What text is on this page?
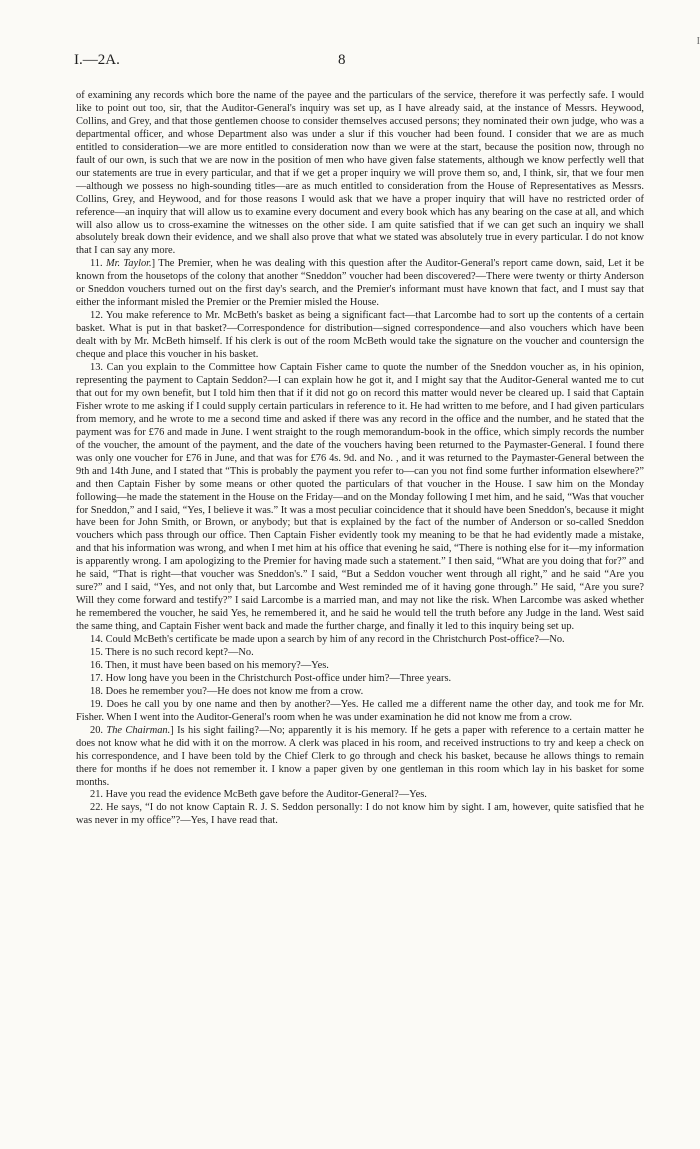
I.—2A.	8
I

of examining any records which bore the name of the payee and the particulars of the service, therefore it was perfectly safe. I would like to point out too, sir, that the Auditor-General's inquiry was set up, as I have already said, at the instance of Messrs. Heywood, Collins, and Grey, and that those gentlemen choose to consider themselves accused persons; they nominated their own judge, who was a departmental officer, and whose Department also was under a slur if this voucher had been found. I consider that we are as much entitled to consideration—we are more entitled to consideration now than we were at the start, because the position now, through no fault of our own, is such that we are now in the position of men who have given false statements, although we know perfectly well that our statements are true in every particular, and that if we get a proper inquiry we will prove them so, and, I think, sir, that we four men—although we possess no high-sounding titles—are as much entitled to consideration from the House of Representatives as Messrs. Collins, Grey, and Heywood, and for those reasons I would ask that we have a proper inquiry that will have no restricted order of reference—an inquiry that will allow us to examine every document and every book which has any bearing on the case at all, and which will also allow us to cross-examine the witnesses on the other side. I am quite satisfied that if we can get such an inquiry we shall absolutely break down their evidence, and we shall also prove that what we stated was absolutely true in every particular. I do not know that I can say any more.

11. Mr. Taylor.] The Premier, when he was dealing with this question after the Auditor-General's report came down, said, Let it be known from the housetops of the colony that another “Sneddon” voucher had been discovered?—There were twenty or thirty Anderson or Sneddon vouchers turned out on the first day's search, and the Premier's informant must have known that fact, and I must say that either the informant misled the Premier or the Premier misled the House.

12. You make reference to Mr. McBeth's basket as being a significant fact—that Larcombe had to sort up the contents of a certain basket. What is put in that basket?—Correspondence for distribution—signed correspondence—and also vouchers which have been dealt with by Mr. McBeth himself. If his clerk is out of the room McBeth would take the signature on the voucher and countersign the cheque and place this voucher in his basket.

13. Can you explain to the Committee how Captain Fisher came to quote the number of the Sneddon voucher as, in his opinion, representing the payment to Captain Seddon?—I can explain how he got it, and I might say that the Auditor-General wanted me to cut that out for my own benefit, but I told him then that if it did not go on record this matter would never be cleared up. I said that Captain Fisher wrote to me asking if I could supply certain particulars in reference to it. He had written to me before, and I had given particulars from memory, and he wrote to me a second time and asked if there was any record in the office and the number, and he stated that the payment was for £76 and made in June. I went straight to the rough memorandum-book in the office, which simply records the number of the voucher, the amount of the payment, and the date of the vouchers having been returned to the Paymaster-General. I found there was only one voucher for £76 in June, and that was for £76 4s. 9d. and No. , and it was returned to the Paymaster-General between the 9th and 14th June, and I stated that “This is probably the payment you refer to—can you not find some further information elsewhere?” and then Captain Fisher by some means or other quoted the particulars of that voucher in the House. I saw him on the Monday following—he made the statement in the House on the Friday—and on the Monday following I met him, and he said, “Was that voucher for Sneddon,” and I said, “Yes, I believe it was.” It was a most peculiar coincidence that it should have been Sneddon's, because it might have been for John Smith, or Brown, or anybody; but that is explained by the fact of the number of Anderson or so-called Sneddon vouchers which pass through our office. Then Captain Fisher evidently took my meaning to be that he had evidently made a mistake, and that his information was wrong, and when I met him at his office that evening he said, “There is nothing else for it—my information is apparently wrong. I am apologizing to the Premier for having made such a statement.” I then said, “What are you doing that for?” and he said, “That is right—that voucher was Sneddon's.” I said, “But a Seddon voucher went through all right,” and he said “Are you sure?” and I said, “Yes, and not only that, but Larcombe and West reminded me of it having gone through.” He said, “Are you sure? Will they come forward and testify?” I said Larcombe is a married man, and may not like the risk. When Larcombe was asked whether he remembered the voucher, he said Yes, he remembered it, and he said he would tell the truth before any Judge in the land. West said the same thing, and Captain Fisher went back and made the further charge, and finally it led to this inquiry being set up.

14. Could McBeth's certificate be made upon a search by him of any record in the Christchurch Post-office?—No.

15. There is no such record kept?—No.

16. Then, it must have been based on his memory?—Yes.

17. How long have you been in the Christchurch Post-office under him?—Three years.

18. Does he remember you?—He does not know me from a crow.

19. Does he call you by one name and then by another?—Yes. He called me a different name the other day, and took me for Mr. Fisher. When I went into the Auditor-General's room when he was under examination he did not know me from a crow.

20. The Chairman.] Is his sight failing?—No; apparently it is his memory. If he gets a paper with reference to a certain matter he does not know what he did with it on the morrow. A clerk was placed in his room, and received instructions to try and keep a check on his correspondence, and I have been told by the Chief Clerk to go through and check his basket, because he allows things to remain there for months if he does not remember it. I know a paper given by one gentleman in this room which lay in his basket for some months.

21. Have you read the evidence McBeth gave before the Auditor-General?—Yes.

22. He says, “I do not know Captain R. J. S. Seddon personally: I do not know him by sight. I am, however, quite satisfied that he was never in my office”?—Yes, I have read that.
